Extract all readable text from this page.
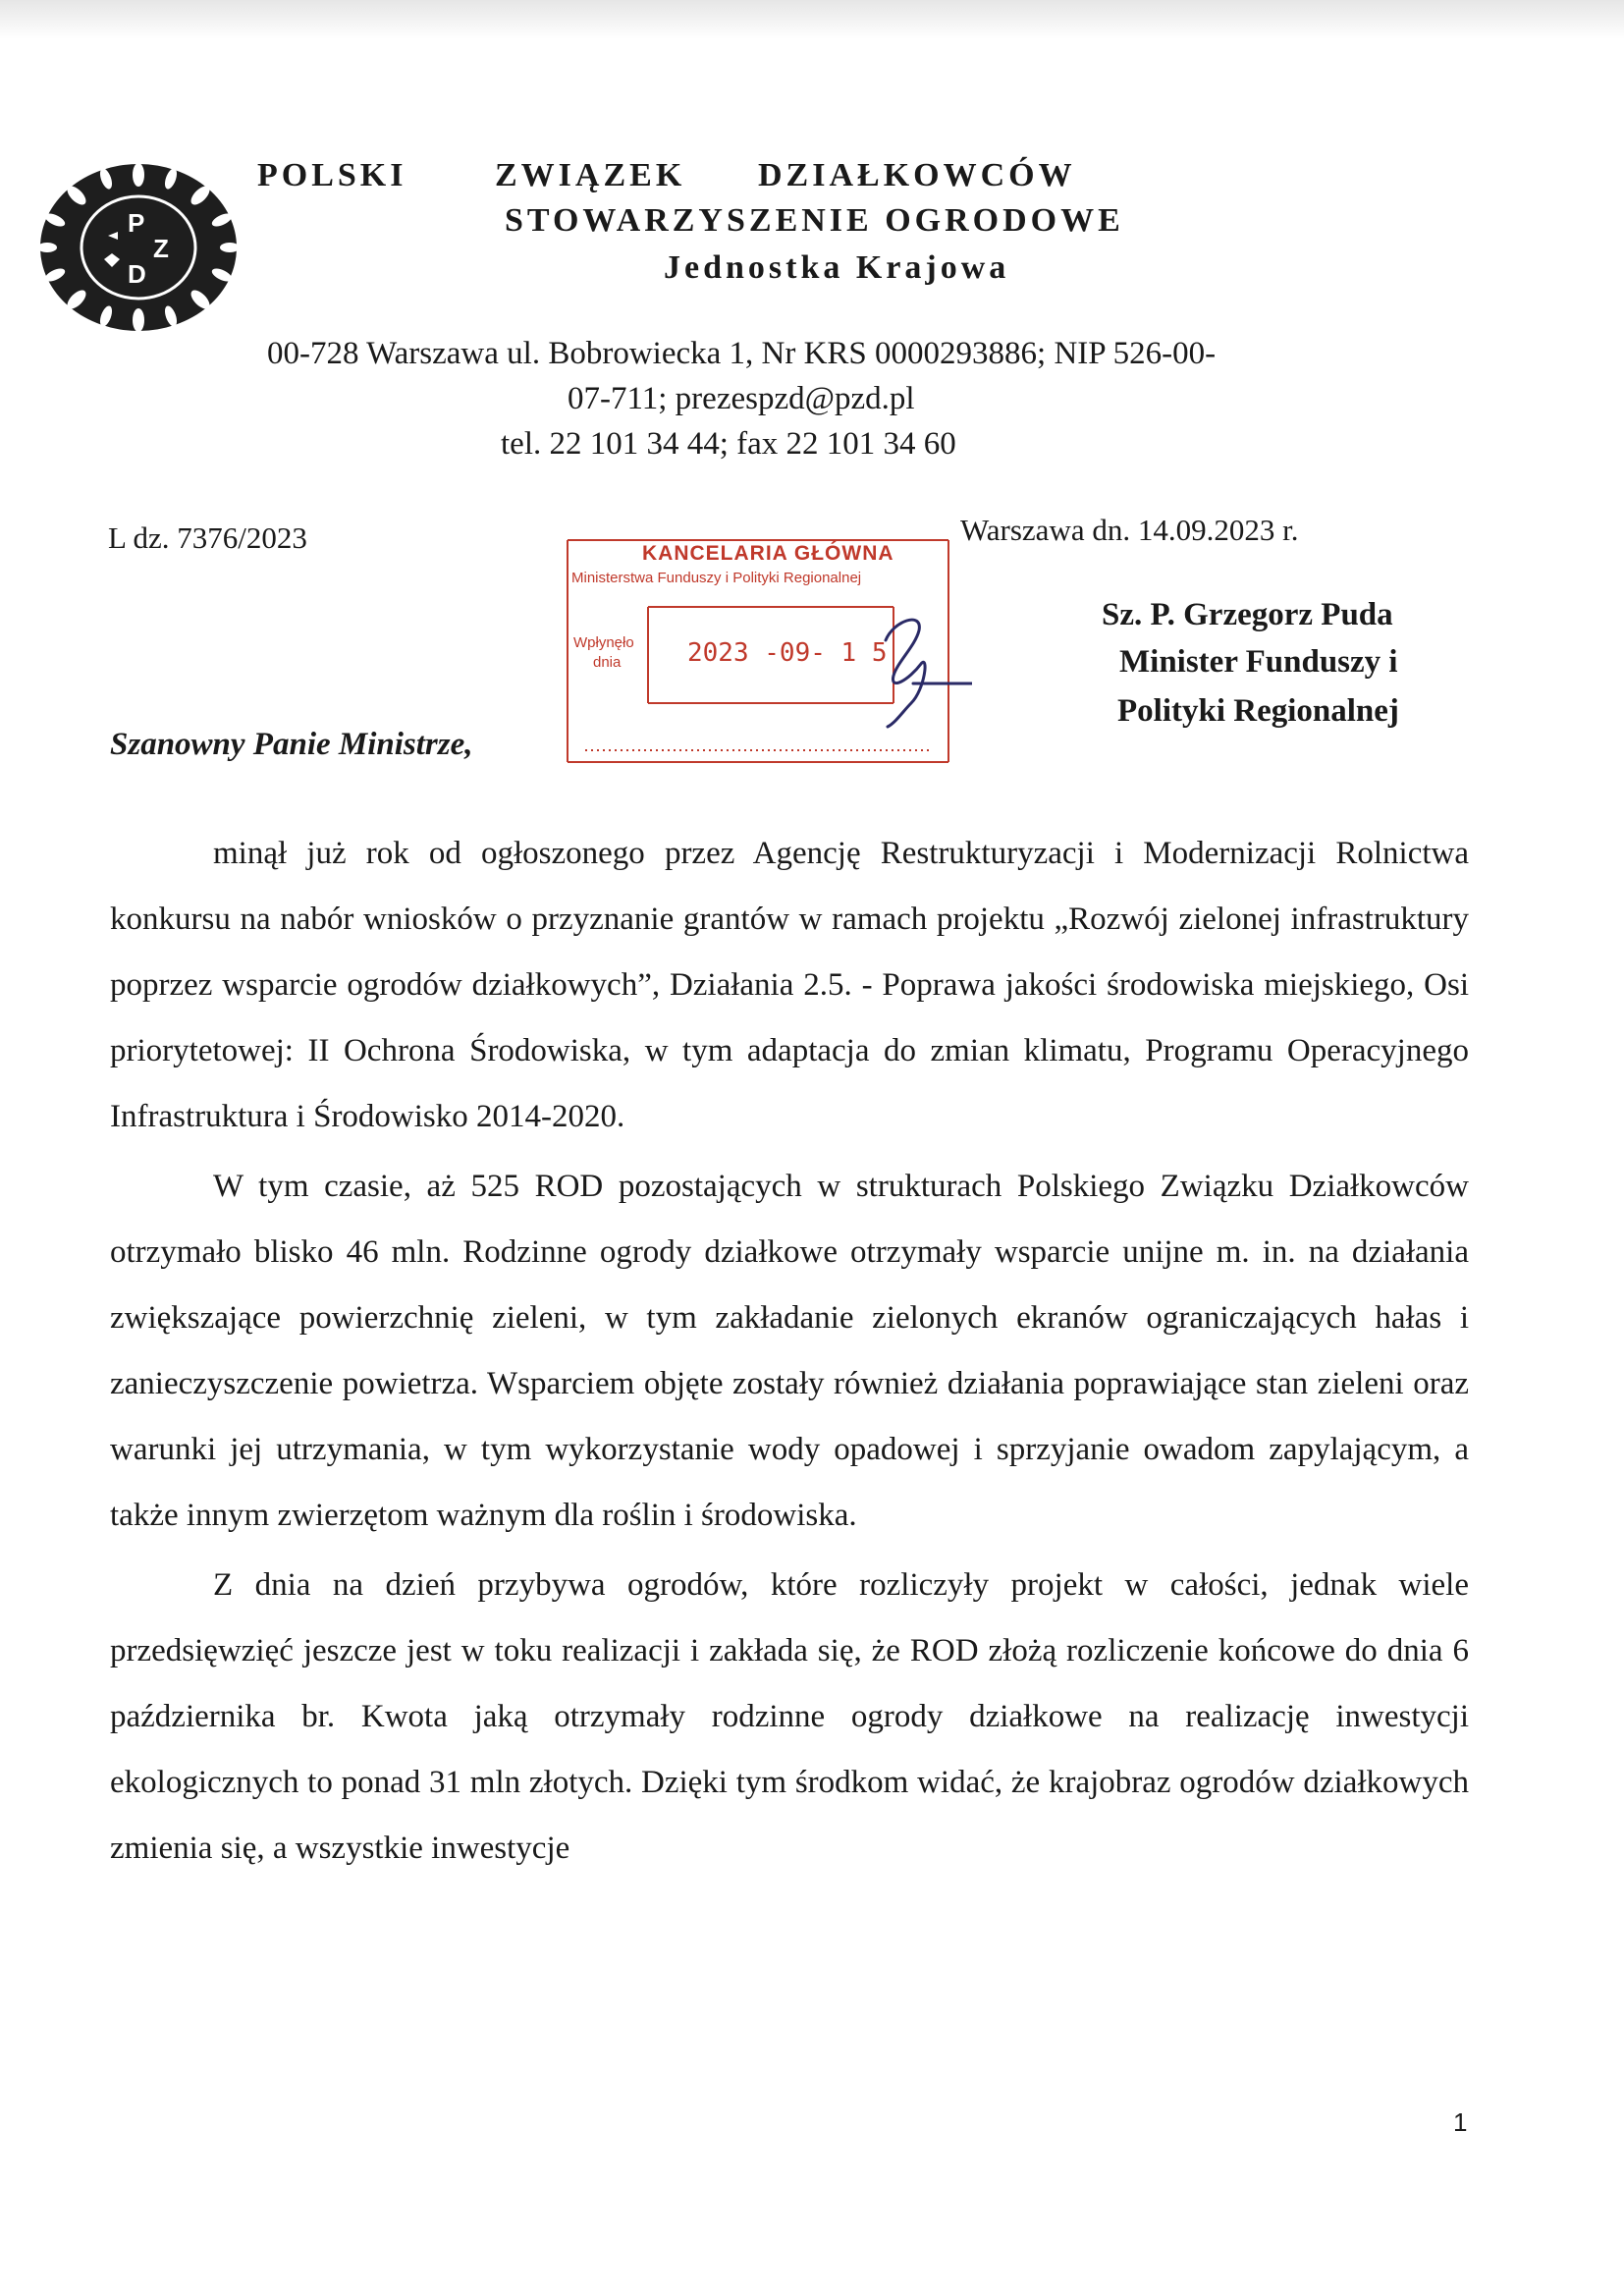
P
Z
D
POLSKI	ZWIĄZEK DZIAŁKOWCÓW
STOWARZYSZENIE OGRODOWE
Jednostka Krajowa
00-728 Warszawa ul. Bobrowiecka 1, Nr KRS 0000293886; NIP 526-00-
07-711; prezespzd@pzd.pl
tel. 22 101 34 44; fax 22 101 34 60
L dz. 7376/2023	Warszawa dn. 14.09.2023 r.
KANCELARIA GŁÓWNA
Ministerstwa Funduszy i Polityki Regionalnej
Wpłynęło
dnia	2023 -09- 1 5
Sz. P. Grzegorz Puda
Minister Funduszy i
Polityki Regionalnej
Szanowny Panie Ministrze,

minął już rok od ogłoszonego przez Agencję Restrukturyzacji i Modernizacji Rolnictwa konkursu na nabór wniosków o przyznanie grantów w ramach projektu „Rozwój zielonej infrastruktury poprzez wsparcie ogrodów działkowych”, Działania 2.5. - Poprawa jakości środowiska miejskiego, Osi priorytetowej: II Ochrona Środowiska, w tym adaptacja do zmian klimatu, Programu Operacyjnego Infrastruktura i Środowisko 2014-2020.

W tym czasie, aż 525 ROD pozostających w strukturach Polskiego Związku Działkowców otrzymało blisko 46 mln. Rodzinne ogrody działkowe otrzymały wsparcie unijne m. in. na działania zwiększające powierzchnię zieleni, w tym zakładanie zielonych ekranów ograniczających hałas i zanieczyszczenie powietrza. Wsparciem objęte zostały również działania poprawiające stan zieleni oraz warunki jej utrzymania, w tym wykorzystanie wody opadowej i sprzyjanie owadom zapylającym, a także innym zwierzętom ważnym dla roślin i środowiska.

Z dnia na dzień przybywa ogrodów, które rozliczyły projekt w całości, jednak wiele przedsięwzięć jeszcze jest w toku realizacji i zakłada się, że ROD złożą rozliczenie końcowe do dnia 6 października br. Kwota jaką otrzymały rodzinne ogrody działkowe na realizację inwestycji ekologicznych to ponad 31 mln złotych. Dzięki tym środkom widać, że krajobraz ogrodów działkowych zmienia się, a wszystkie inwestycje

1
